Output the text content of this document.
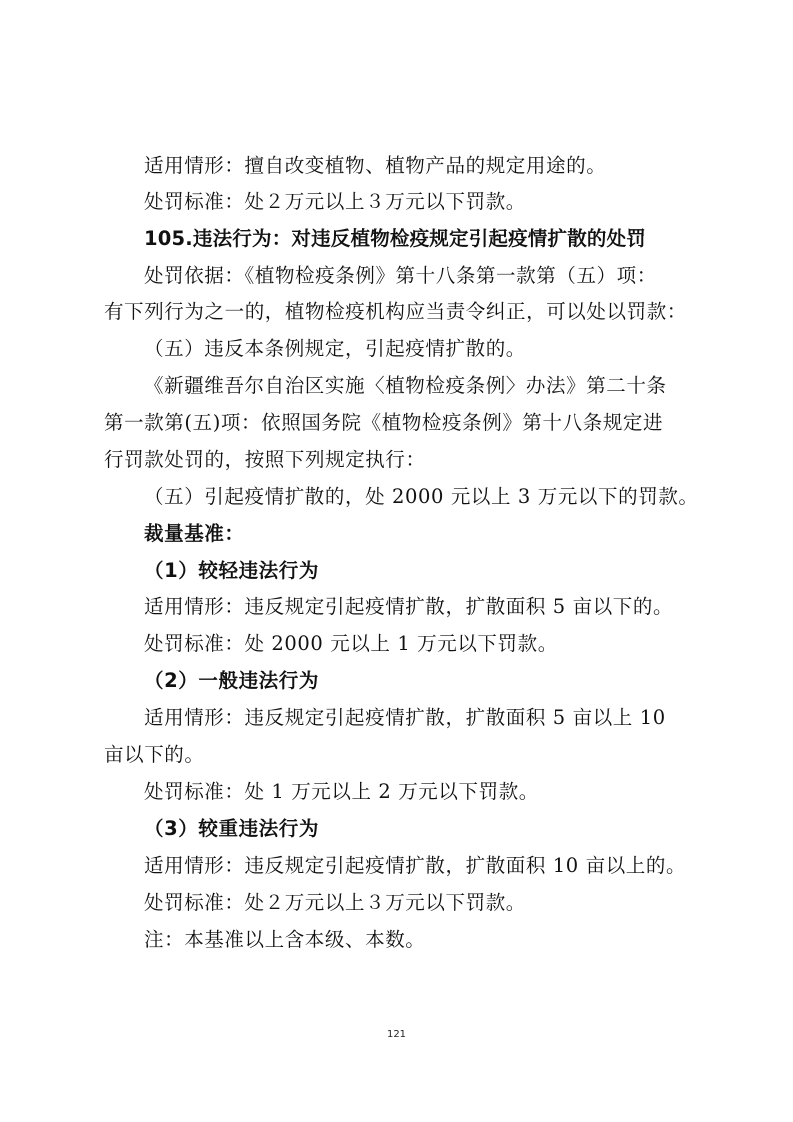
适用情形：擅自改变植物、植物产品的规定用途的。
处罚标准：处２万元以上３万元以下罚款。
105.违法行为：对违反植物检疫规定引起疫情扩散的处罚
处罚依据：《植物检疫条例》第十八条第一款第（五）项：
有下列行为之一的，植物检疫机构应当责令纠正，可以处以罚款：
（五）违反本条例规定，引起疫情扩散的。
《新疆维吾尔自治区实施〈植物检疫条例〉办法》第二十条
第一款第(五)项：依照国务院《植物检疫条例》第十八条规定进
行罚款处罚的，按照下列规定执行：
（五）引起疫情扩散的，处 2000 元以上 3 万元以下的罚款。
裁量基准：
（1）较轻违法行为
适用情形：违反规定引起疫情扩散，扩散面积 5 亩以下的。
处罚标准：处 2000 元以上 1 万元以下罚款。
（2）一般违法行为
适用情形：违反规定引起疫情扩散，扩散面积 5 亩以上 10
亩以下的。
处罚标准：处 1 万元以上 2 万元以下罚款。
（3）较重违法行为
适用情形：违反规定引起疫情扩散，扩散面积 10 亩以上的。
处罚标准：处２万元以上３万元以下罚款。
注：本基准以上含本级、本数。
121
